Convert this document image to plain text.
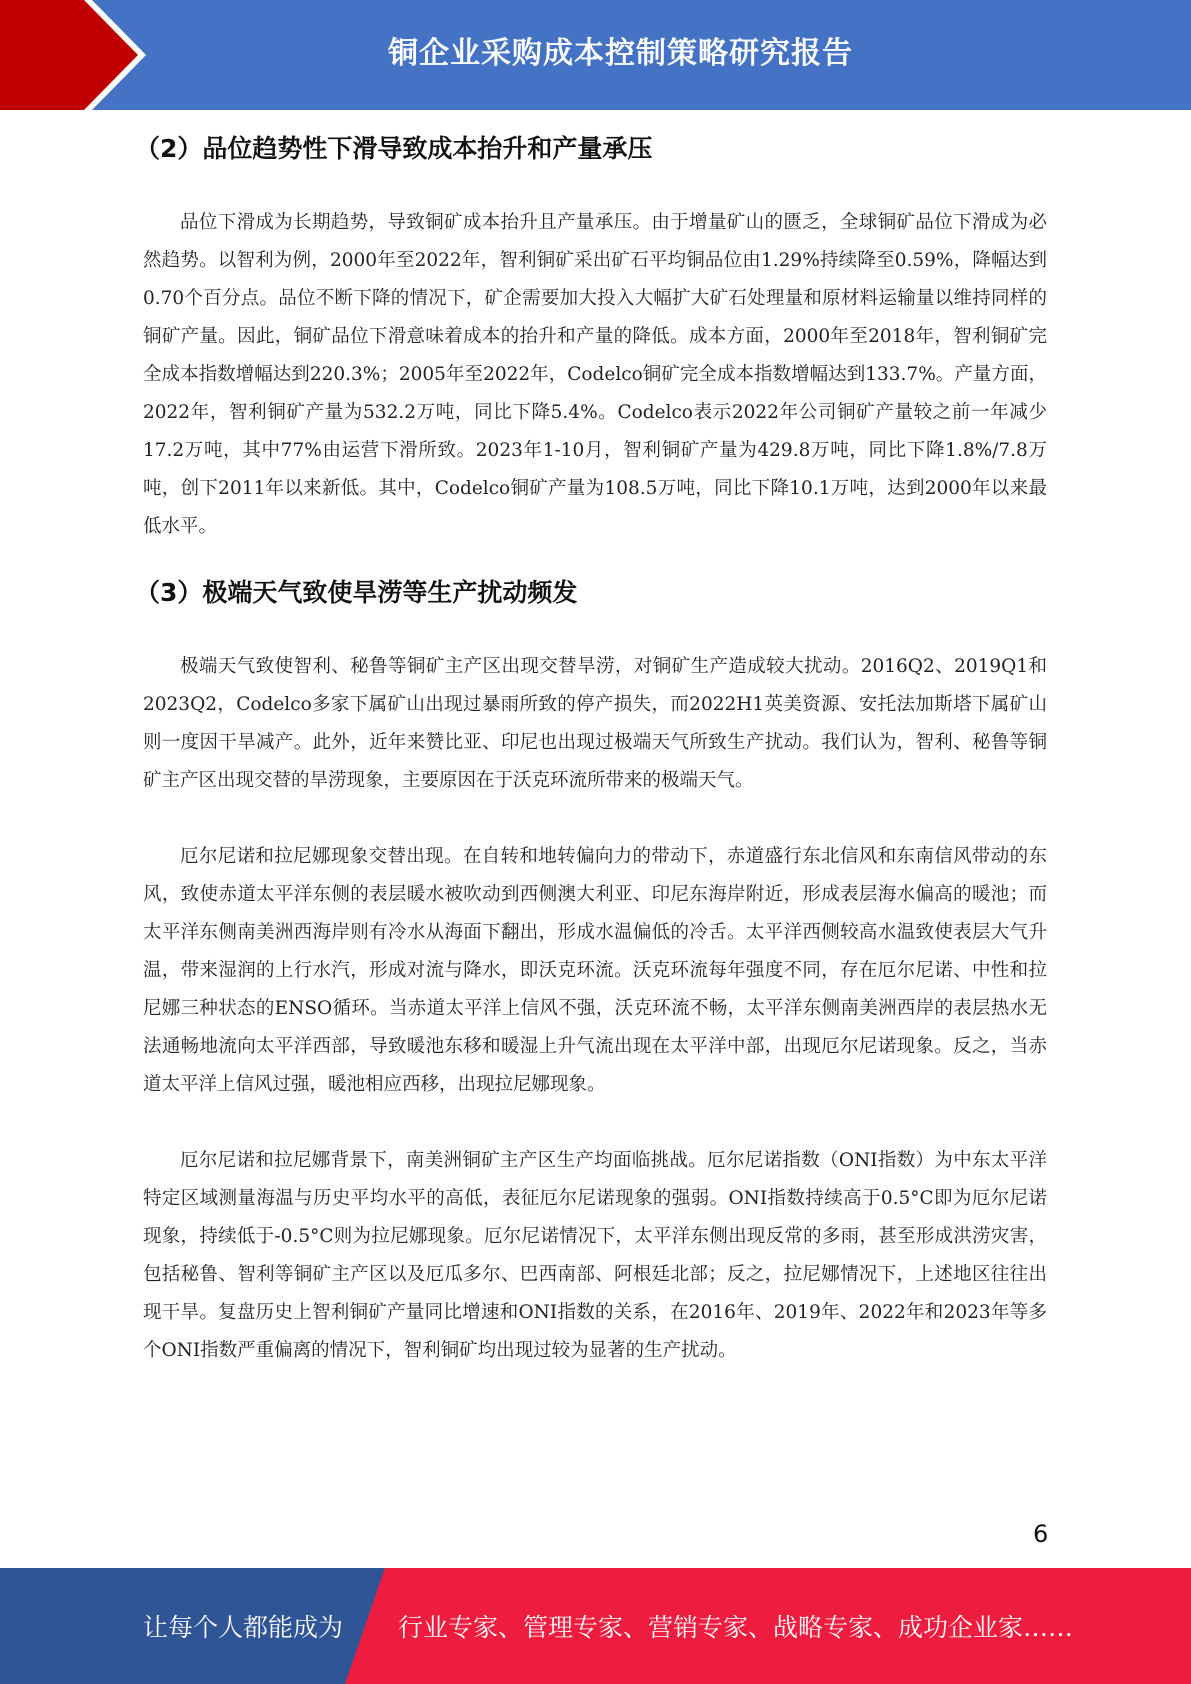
铜企业采购成本控制策略研究报告
（2）品位趋势性下滑导致成本抬升和产量承压

品位下滑成为长期趋势，导致铜矿成本抬升且产量承压。由于增量矿山的匮乏，全球铜矿品位下滑成为必然趋势。以智利为例，2000年至2022年，智利铜矿采出矿石平均铜品位由1.29%持续降至0.59%，降幅达到0.70个百分点。品位不断下降的情况下，矿企需要加大投入大幅扩大矿石处理量和原材料运输量以维持同样的铜矿产量。因此，铜矿品位下滑意味着成本的抬升和产量的降低。成本方面，2000年至2018年，智利铜矿完全成本指数增幅达到220.3%；2005年至2022年，Codelco铜矿完全成本指数增幅达到133.7%。产量方面，2022年，智利铜矿产量为532.2万吨，同比下降5.4%。Codelco表示2022年公司铜矿产量较之前一年减少17.2万吨，其中77%由运营下滑所致。2023年1-10月，智利铜矿产量为429.8万吨，同比下降1.8%/7.8万吨，创下2011年以来新低。其中，Codelco铜矿产量为108.5万吨，同比下降10.1万吨，达到2000年以来最低水平。

（3）极端天气致使旱涝等生产扰动频发

极端天气致使智利、秘鲁等铜矿主产区出现交替旱涝，对铜矿生产造成较大扰动。2016Q2、2019Q1和2023Q2，Codelco多家下属矿山出现过暴雨所致的停产损失，而2022H1英美资源、安托法加斯塔下属矿山则一度因干旱减产。此外，近年来赞比亚、印尼也出现过极端天气所致生产扰动。我们认为，智利、秘鲁等铜矿主产区出现交替的旱涝现象，主要原因在于沃克环流所带来的极端天气。

厄尔尼诺和拉尼娜现象交替出现。在自转和地转偏向力的带动下，赤道盛行东北信风和东南信风带动的东风，致使赤道太平洋东侧的表层暖水被吹动到西侧澳大利亚、印尼东海岸附近，形成表层海水偏高的暖池；而太平洋东侧南美洲西海岸则有冷水从海面下翻出，形成水温偏低的冷舌。太平洋西侧较高水温致使表层大气升温，带来湿润的上行水汽，形成对流与降水，即沃克环流。沃克环流每年强度不同，存在厄尔尼诺、中性和拉尼娜三种状态的ENSO循环。当赤道太平洋上信风不强，沃克环流不畅，太平洋东侧南美洲西岸的表层热水无法通畅地流向太平洋西部，导致暖池东移和暖湿上升气流出现在太平洋中部，出现厄尔尼诺现象。反之，当赤道太平洋上信风过强，暖池相应西移，出现拉尼娜现象。

厄尔尼诺和拉尼娜背景下，南美洲铜矿主产区生产均面临挑战。厄尔尼诺指数（ONI指数）为中东太平洋特定区域测量海温与历史平均水平的高低，表征厄尔尼诺现象的强弱。ONI指数持续高于0.5°C即为厄尔尼诺现象，持续低于-0.5°C则为拉尼娜现象。厄尔尼诺情况下，太平洋东侧出现反常的多雨，甚至形成洪涝灾害，包括秘鲁、智利等铜矿主产区以及厄瓜多尔、巴西南部、阿根廷北部；反之，拉尼娜情况下，上述地区往往出现干旱。复盘历史上智利铜矿产量同比增速和ONI指数的关系，在2016年、2019年、2022年和2023年等多个ONI指数严重偏离的情况下，智利铜矿均出现过较为显著的生产扰动。

6
让每个人都能成为 行业专家、管理专家、营销专家、战略专家、成功企业家……
